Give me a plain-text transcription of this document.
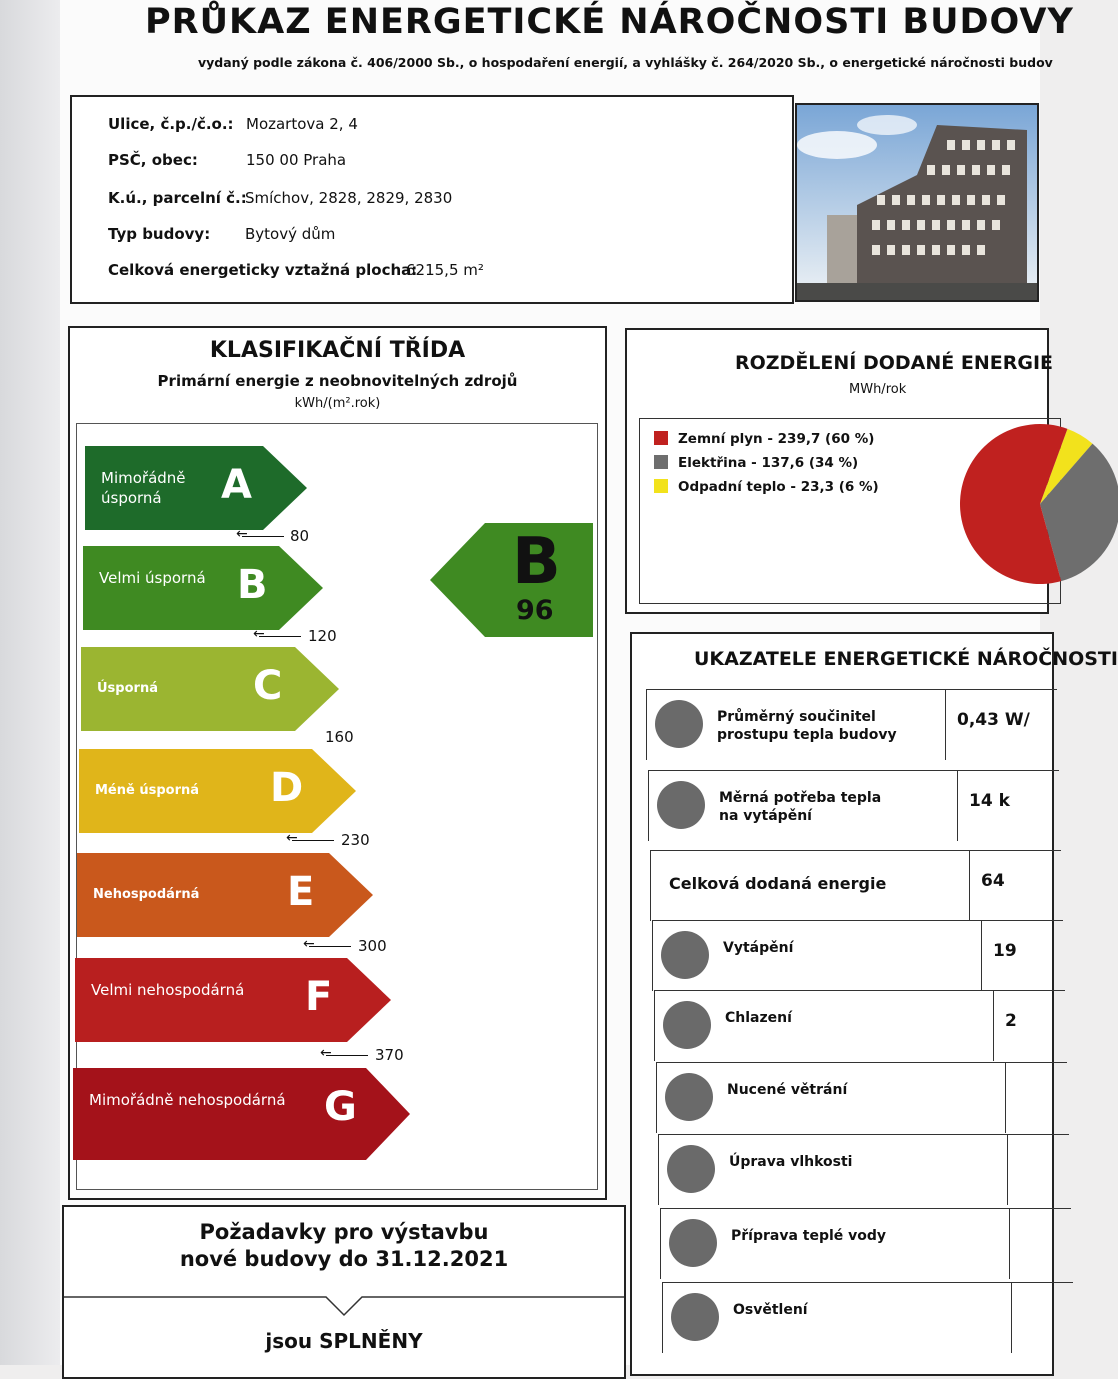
PRŮKAZ ENERGETICKÉ NÁROČNOSTI BUDOVY
vydaný podle zákona č. 406/2000 Sb., o hospodaření energií, a vyhlášky č. 264/2020 Sb., o energetické náročnosti budov
Ulice, č.p./č.o.: Mozartova 2, 4
PSČ, obec:	150 00 Praha
K.ú., parcelní č.:
Smíchov, 2828, 2829, 2830
Typ budovy: Bytový dům
Celková energeticky vztažná plocha:
6215,5 m²
KLASIFIKAČNÍ TŘÍDA
Primární energie z neobnovitelných zdrojů
kWh/(m².rok)
Mimořádně úsporná	A
Velmi úsporná B
Úsporná	C
Méně úsporná	D
Nehospodárná	E
Velmi nehospodárná	F
Mimořádně nehospodárná G
←
80
←
120
160
←
230
←
300
←
370
B
96
Požadavky pro výstavbu
nové budovy do 31.12.2021
jsou SPLNĚNY
ROZDĚLENÍ DODANÉ ENERGIE
MWh/rok
Zemní plyn - 239,7 (60 %)
Elektřina - 137,6 (34 %)
Odpadní teplo - 23,3 (6 %)
UKAZATELE ENERGETICKÉ NÁROČNOSTI
Průměrný součinitel
prostupu tepla budovy
0,43 W/
Měrná potřeba tepla
na vytápění
14 k
Celková dodaná energie	64
Vytápění	19
Chlazení	2
Nucené větrání
Úprava vlhkosti
Příprava teplé vody
Osvětlení
